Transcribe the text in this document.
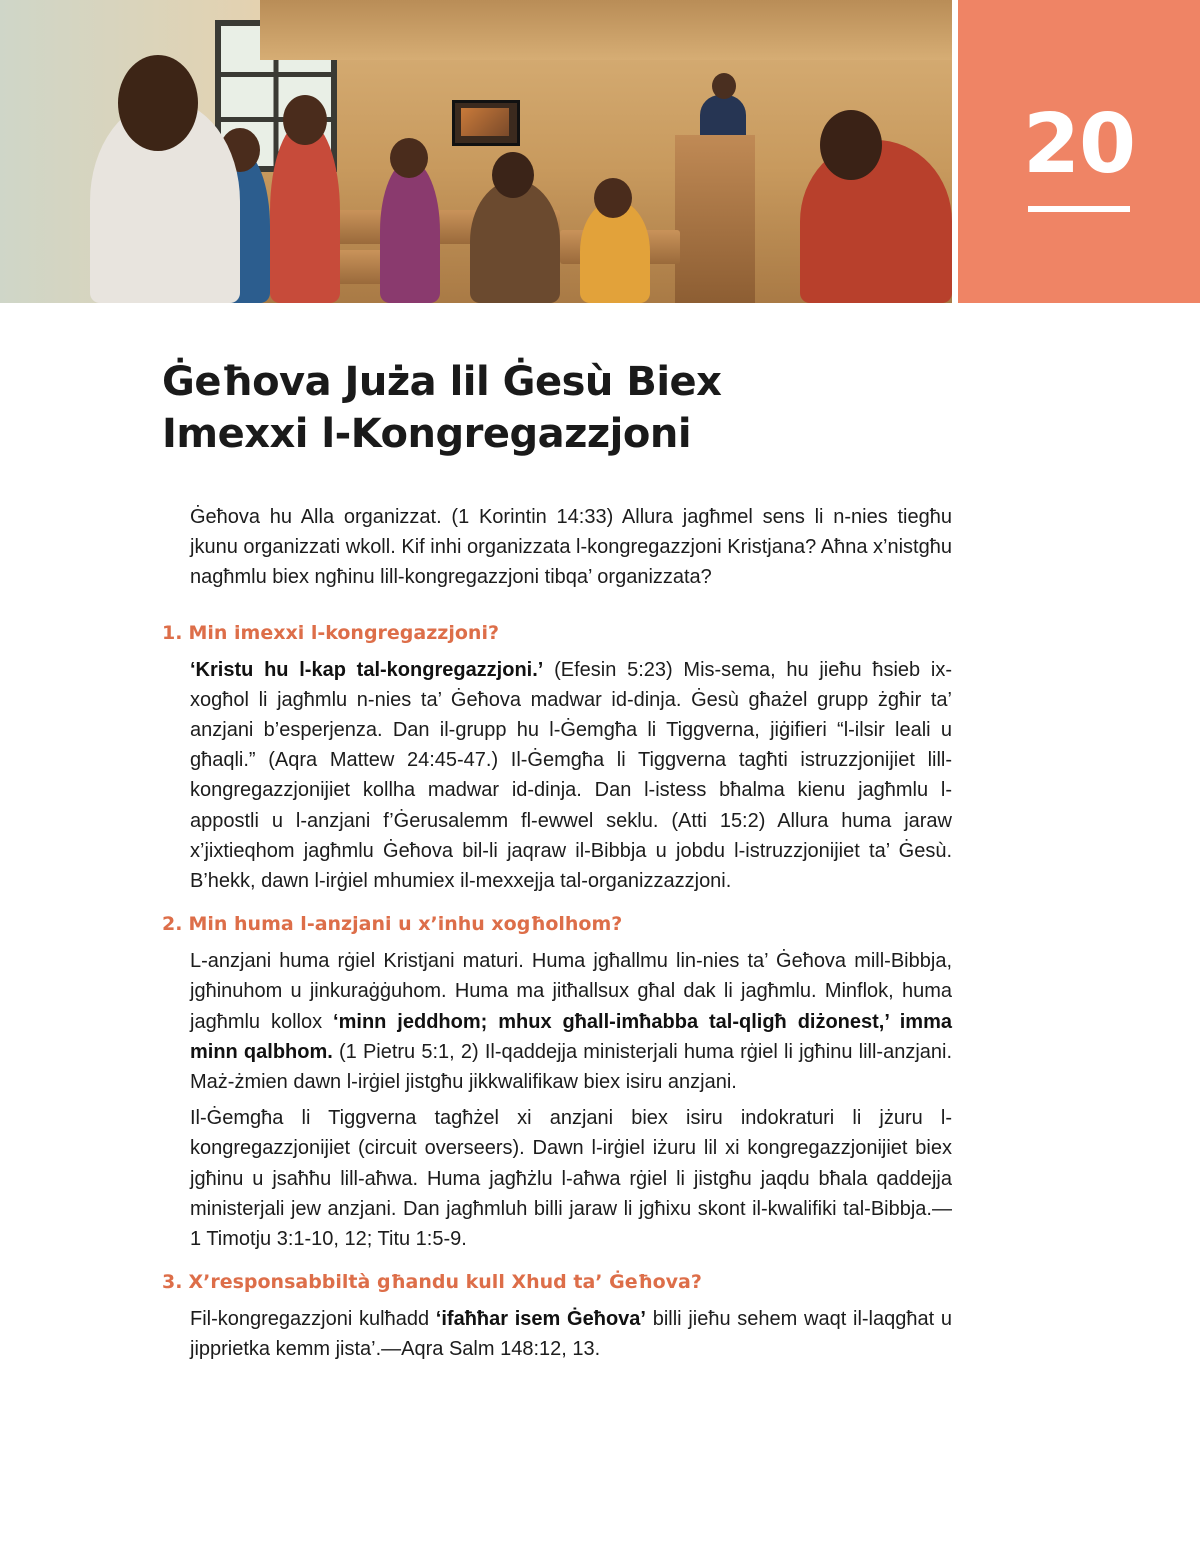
20
Ġeħova Jużа lil Ġesù Biex
Imexxi l-Kongregazzjoni

Ġeħova hu Alla organizzat. (1 Korintin 14:33) Allura jagħmel sens li n-nies tiegħu jkunu organizzati wkoll. Kif inhi organizzata l-kongregazzjoni Kristjana? Aħna x’nistgħu nagħmlu biex ngħinu lill-kongregazzjoni tibqa’ organizzata?

1. Min imexxi l-kongregazzjoni?

‘Kristu hu l-kap tal-kongregazzjoni.’ (Efesin 5:23) Mis-sema, hu jieħu ħsieb ix-xogħol li jagħmlu n-nies ta’ Ġeħova madwar id-dinja. Ġesù għażel grupp żgħir ta’ anzjani b’esperjenza. Dan il-grupp hu l-Ġemgħa li Tiggverna, jiġifieri “l-ilsir leali u għaqli.” (Aqra Mattew 24:45-47.) Il-Ġemgħa li Tiggverna tagħti istruzzjonijiet lill-kongregazzjonijiet kollha madwar id-dinja. Dan l-istess bħalma kienu jagħmlu l-appostli u l-anzjani f’Ġerusalemm fl-ewwel seklu. (Atti 15:2) Allura huma jaraw x’jixtieqhom jagħmlu Ġeħova bil-li jaqraw il-Bibbja u jobdu l-istruzzjonijiet ta’ Ġesù. B’hekk, dawn l-irġiel mhumiex il-mexxejja tal-organizzazzjoni.

2. Min huma l-anzjani u x’inhu xogħolhom?

L-anzjani huma rġiel Kristjani maturi. Huma jgħallmu lin-nies ta’ Ġeħova mill-Bibbja, jgħinuhom u jinkuraġġuhom. Huma ma jitħallsux għal dak li jagħmlu. Minflok, huma jagħmlu kollox ‘minn jeddhom; mhux għall-imħabba tal-qligħ diżonest,’ imma minn qalbhom. (1 Pietru 5:1, 2) Il-qaddejja ministerjali huma rġiel li jgħinu lill-anzjani. Maż-żmien dawn l-irġiel jistgħu jikkwalifikaw biex isiru anzjani.

Il-Ġemgħa li Tiggverna tagħżel xi anzjani biex isiru indokraturi li jżuru l-kongregazzjonijiet (circuit overseers). Dawn l-irġiel iżuru lil xi kongregazzjonijiet biex jgħinu u jsaħħu lill-aħwa. Huma jagħżlu l-aħwa rġiel li jistgħu jaqdu bħala qaddejja ministerjali jew anzjani. Dan jagħmluh billi jaraw li jgħixu skont il-kwalifiki tal-Bibbja.—1 Timotju 3:1-10, 12; Titu 1:5-9.

3. X’responsabbiltà għandu kull Xhud ta’ Ġeħova?

Fil-kongregazzjoni kulħadd ‘ifaħħar isem Ġeħova’ billi jieħu sehem waqt il-laqgħat u jipprietka kemm jista’.—Aqra Salm 148:12, 13.
